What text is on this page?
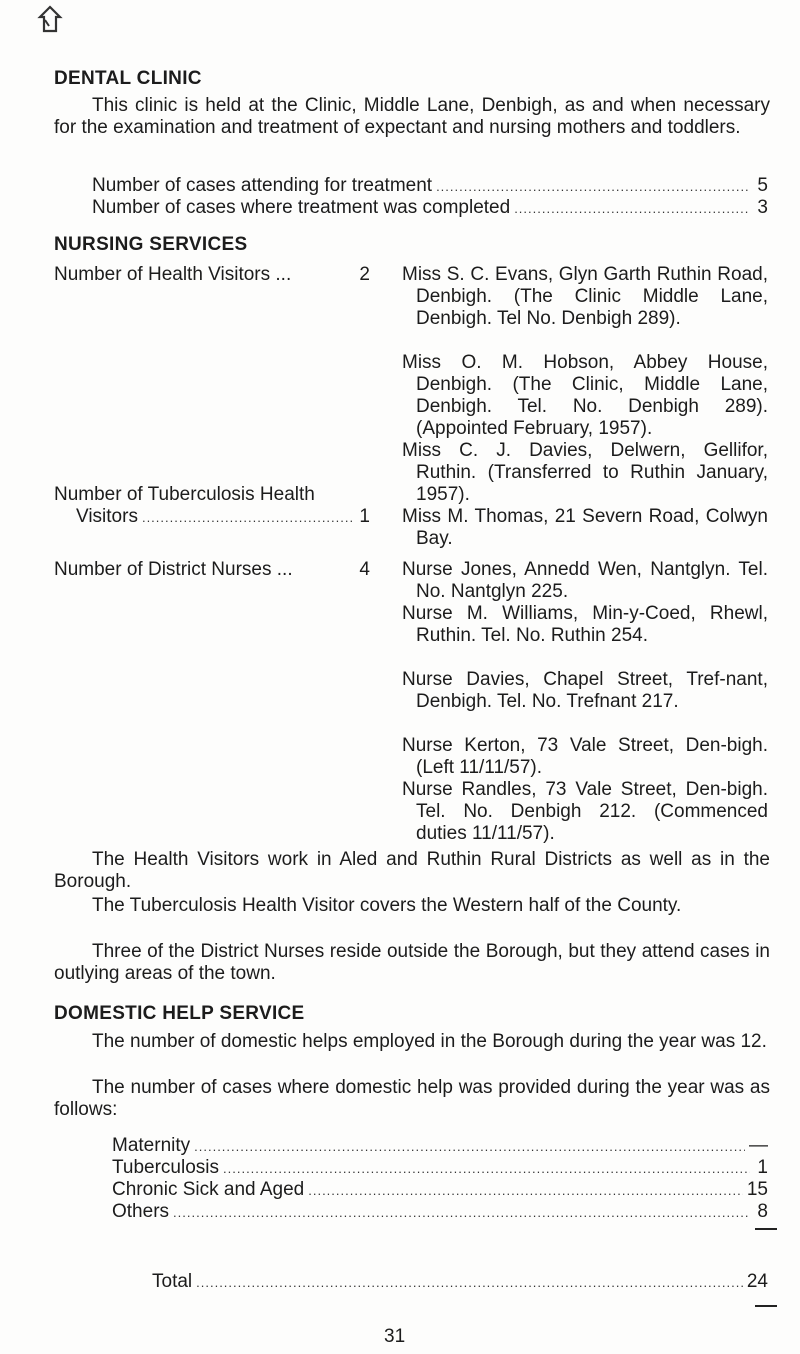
DENTAL CLINIC
This clinic is held at the Clinic, Middle Lane, Denbigh, as and when necessary for the examination and treatment of expectant and nursing mothers and toddlers.
Number of cases attending for treatment .....	5
Number of cases where treatment was completed .....	3
NURSING SERVICES
Number of Health Visitors ...	2 Miss S. C. Evans, Glyn Garth Ruthin Road, Denbigh. (The Clinic Middle Lane, Denbigh. Tel No. Denbigh 289).
Miss O. M. Hobson, Abbey House, Denbigh. (The Clinic, Middle Lane, Denbigh. Tel. No. Denbigh 289). (Appointed February, 1957).
Miss C. J. Davies, Delwern, Gellifor, Ruthin. (Transferred to Ruthin January, 1957).
Number of Tuberculosis Health
Visitors .....	1 Miss M. Thomas, 21 Severn Road, Colwyn Bay.
Number of District Nurses ...	4 Nurse Jones, Annedd Wen, Nantglyn. Tel. No. Nantglyn 225.
Nurse M. Williams, Min-y-Coed, Rhewl, Ruthin. Tel. No. Ruthin 254.
Nurse Davies, Chapel Street, Tref-nant, Denbigh. Tel. No. Trefnant 217.
Nurse Kerton, 73 Vale Street, Den-bigh. (Left 11/11/57).
Nurse Randles, 73 Vale Street, Den-bigh. Tel. No. Denbigh 212. (Commenced duties 11/11/57).
The Health Visitors work in Aled and Ruthin Rural Districts as well as in the Borough.
The Tuberculosis Health Visitor covers the Western half of the County.
Three of the District Nurses reside outside the Borough, but they attend cases in outlying areas of the town.
DOMESTIC HELP SERVICE
The number of domestic helps employed in the Borough during the year was 12.
The number of cases where domestic help was provided during the year was as follows:
Maternity .....	—
Tuberculosis .....	1
Chronic Sick and Aged .....	15
Others .....	8
Total .....	24
31
